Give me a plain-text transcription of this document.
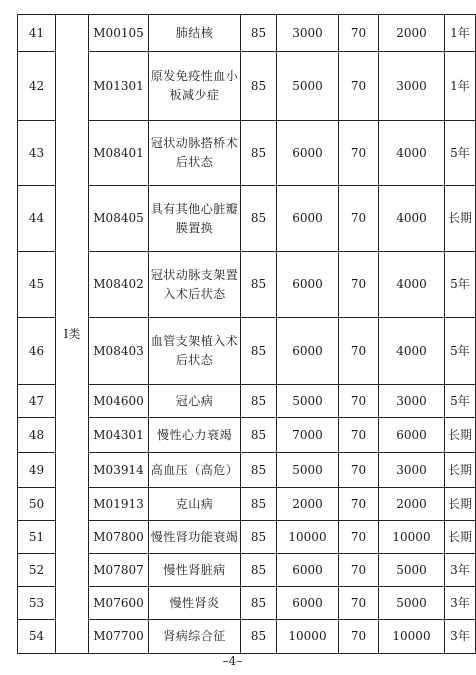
41	I类	M00105	肺结核	85	3000	70	2000	1年
42		M01301	原发免疫性血小板减少症	85	5000	70	3000	1年
43		M08401	冠状动脉搭桥术后状态	85	6000	70	4000	5年
44		M08405	具有其他心脏瓣膜置换	85	6000	70	4000	长期
45		M08402	冠状动脉支架置入术后状态	85	6000	70	4000	5年
46		M08403	血管支架植入术后状态	85	6000	70	4000	5年
47		M04600	冠心病	85	5000	70	3000	5年
48		M04301	慢性心力衰竭	85	7000	70	6000	长期
49		M03914	高血压（高危）	85	5000	70	3000	长期
50		M01913	克山病	85	2000	70	2000	长期
51		M07800	慢性肾功能衰竭	85	10000	70	10000	长期
52		M07807	慢性肾脏病	85	6000	70	5000	3年
53		M07600	慢性肾炎	85	6000	70	5000	3年
54		M07700	肾病综合征	85	10000	70	10000	3年
–4–
